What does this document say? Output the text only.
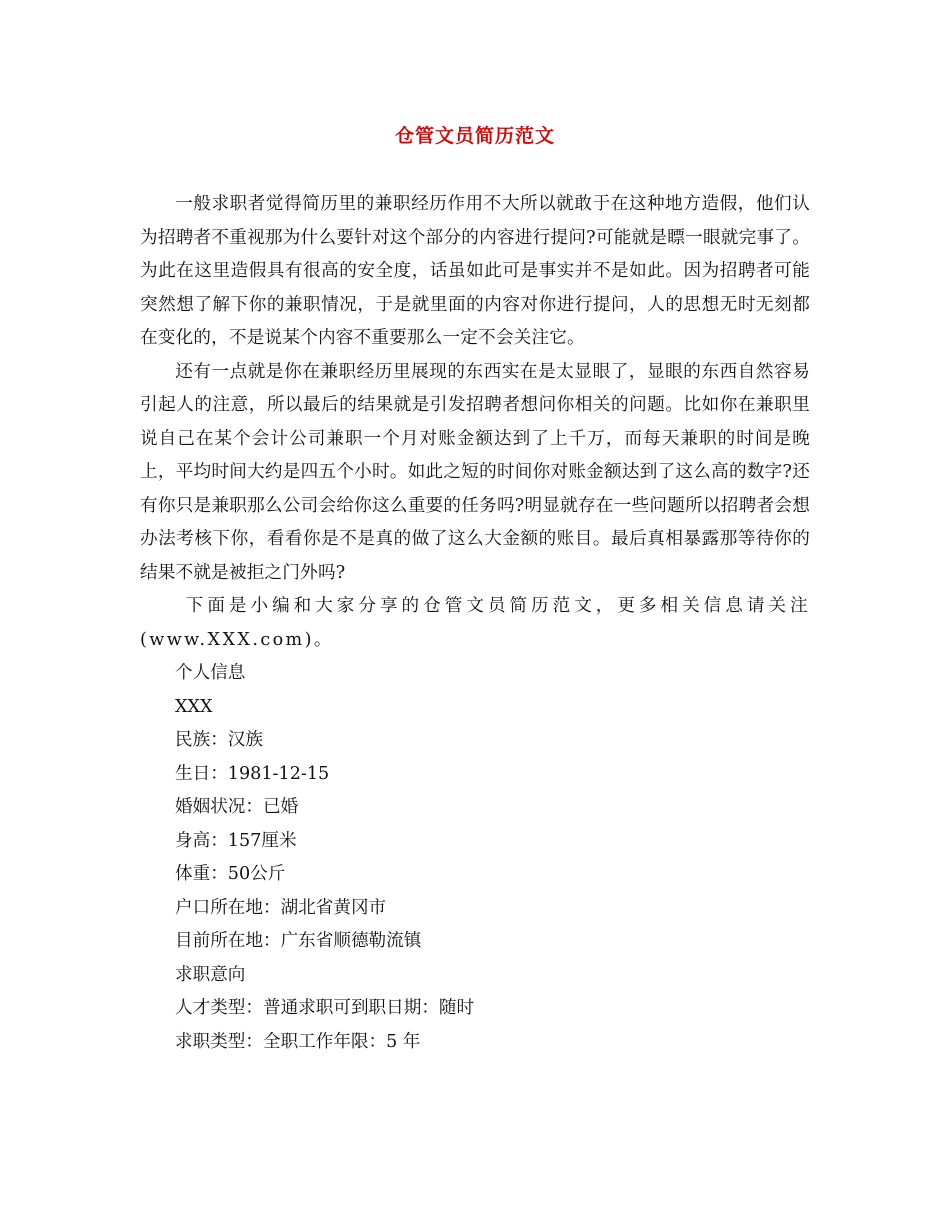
仓管文员简历范文

一般求职者觉得简历里的兼职经历作用不大所以就敢于在这种地方造假，他们认为招聘者不重视那为什么要针对这个部分的内容进行提问?可能就是瞟一眼就完事了。为此在这里造假具有很高的安全度，话虽如此可是事实并不是如此。因为招聘者可能突然想了解下你的兼职情况，于是就里面的内容对你进行提问，人的思想无时无刻都在变化的，不是说某个内容不重要那么一定不会关注它。

还有一点就是你在兼职经历里展现的东西实在是太显眼了，显眼的东西自然容易引起人的注意，所以最后的结果就是引发招聘者想问你相关的问题。比如你在兼职里说自己在某个会计公司兼职一个月对账金额达到了上千万，而每天兼职的时间是晚上，平均时间大约是四五个小时。如此之短的时间你对账金额达到了这么高的数字?还有你只是兼职那么公司会给你这么重要的任务吗?明显就存在一些问题所以招聘者会想办法考核下你，看看你是不是真的做了这么大金额的账目。最后真相暴露那等待你的结果不就是被拒之门外吗?

下面是小编和大家分享的仓管文员简历范文，更多相关信息请关注(www.XXX.com)。

个人信息

XXX

民族：汉族

生日：1981-12-15

婚姻状况：已婚

身高：157厘米

体重：50公斤

户口所在地：湖北省黄冈市

目前所在地：广东省顺德勒流镇

求职意向

人才类型：普通求职可到职日期：随时

求职类型：全职工作年限：5 年
